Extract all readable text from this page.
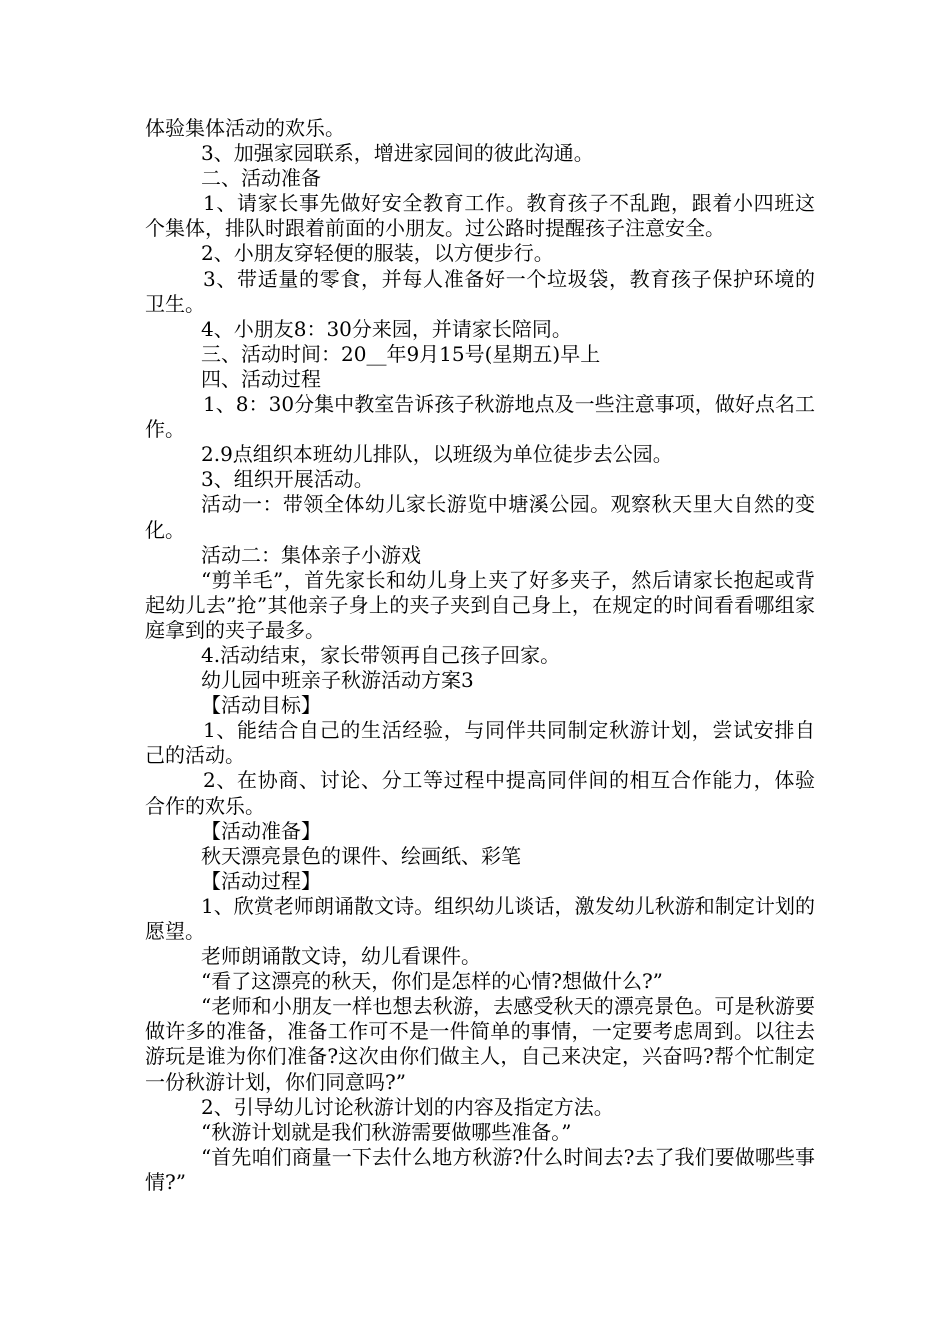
体验集体活动的欢乐。

3、加强家园联系，增进家园间的彼此沟通。

二、活动准备

1、请家长事先做好安全教育工作。教育孩子不乱跑，跟着小四班这个集体，排队时跟着前面的小朋友。过公路时提醒孩子注意安全。

2、小朋友穿轻便的服装，以方便步行。

3、带适量的零食，并每人准备好一个垃圾袋，教育孩子保护环境的卫生。

4、小朋友8：30分来园，并请家长陪同。

三、活动时间：20__年9月15号(星期五)早上

四、活动过程

1、8：30分集中教室告诉孩子秋游地点及一些注意事项，做好点名工作。

2.9点组织本班幼儿排队，以班级为单位徒步去公园。

3、组织开展活动。

活动一：带领全体幼儿家长游览中塘溪公园。观察秋天里大自然的变化。

活动二：集体亲子小游戏

“剪羊毛”，首先家长和幼儿身上夹了好多夹子，然后请家长抱起或背起幼儿去”抢”其他亲子身上的夹子夹到自己身上，在规定的时间看看哪组家庭拿到的夹子最多。

4.活动结束，家长带领再自己孩子回家。

幼儿园中班亲子秋游活动方案3

【活动目标】

1、能结合自己的生活经验，与同伴共同制定秋游计划，尝试安排自己的活动。

2、在协商、讨论、分工等过程中提高同伴间的相互合作能力，体验合作的欢乐。

【活动准备】

秋天漂亮景色的课件、绘画纸、彩笔

【活动过程】

1、欣赏老师朗诵散文诗。组织幼儿谈话，激发幼儿秋游和制定计划的愿望。

老师朗诵散文诗，幼儿看课件。

“看了这漂亮的秋天，你们是怎样的心情?想做什么?”

“老师和小朋友一样也想去秋游，去感受秋天的漂亮景色。可是秋游要做许多的准备，准备工作可不是一件简单的事情，一定要考虑周到。以往去游玩是谁为你们准备?这次由你们做主人，自己来决定，兴奋吗?帮个忙制定一份秋游计划，你们同意吗?”

2、引导幼儿讨论秋游计划的内容及指定方法。

“秋游计划就是我们秋游需要做哪些准备。”

“首先咱们商量一下去什么地方秋游?什么时间去?去了我们要做哪些事情?”
